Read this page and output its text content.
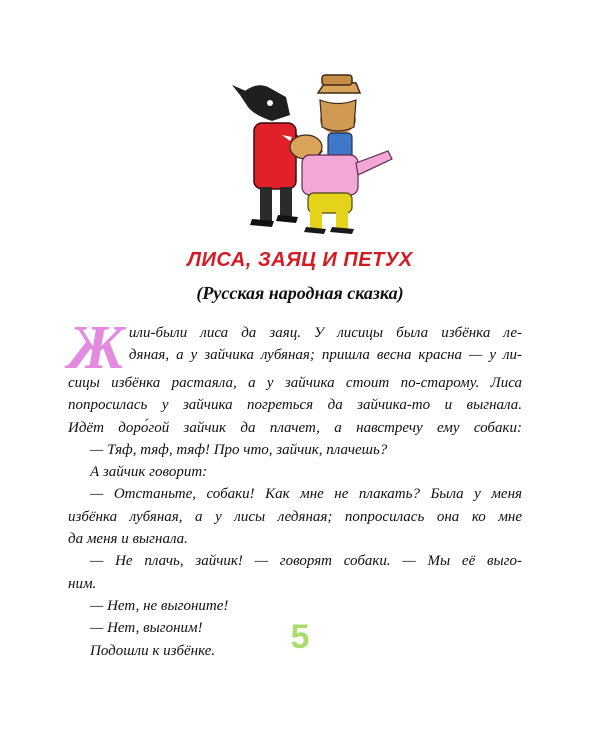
ЛИСА, ЗАЯЦ И ПЕТУХ
(Русская народная сказка)
Ж или-были лиса да заяц. У лисицы была избёнка ле-
дяная, а у зайчика лубяная; пришла весна красна — у ли-
сицы избёнка растаяла, а у зайчика стоит по-старому. Лиса
попросилась у зайчика погреться да зайчика-то и выгнала.
Идёт доро́гой зайчик да плачет, а навстречу ему собаки:
— Тяф, тяф, тяф! Про что, зайчик, плачешь?
А зайчик говорит:
— Отстаньте, собаки! Как мне не плакать? Была у меня
избёнка лубяная, а у лисы ледяная; попросилась она ко мне
да меня и выгнала.
— Не плачь, зайчик! — говорят собаки. — Мы её выго-
ним.
— Нет, не выгоните!
— Нет, выгоним!
Подошли к избёнке.	5
